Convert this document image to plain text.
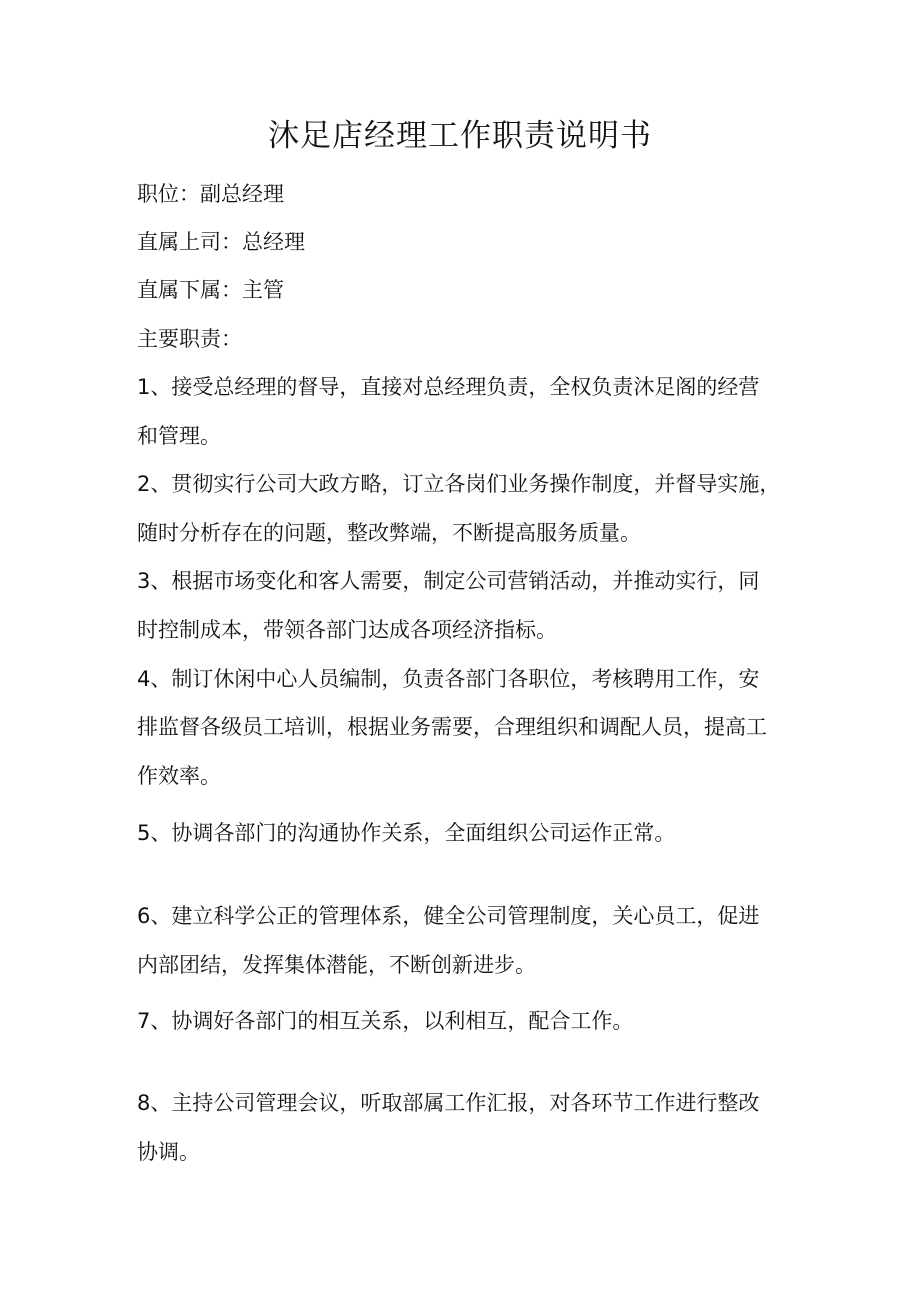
沐足店经理工作职责说明书

职位：副总经理

直属上司：总经理

直属下属：主管

主要职责：

1、接受总经理的督导，直接对总经理负责，全权负责沐足阁的经营

和管理。

2、贯彻实行公司大政方略，订立各岗们业务操作制度，并督导实施，

随时分析存在的问题，整改弊端，不断提高服务质量。

3、根据市场变化和客人需要，制定公司营销活动，并推动实行，同

时控制成本，带领各部门达成各项经济指标。

4、制订休闲中心人员编制，负责各部门各职位，考核聘用工作，安

排监督各级员工培训，根据业务需要，合理组织和调配人员，提高工

作效率。

5、协调各部门的沟通协作关系，全面组织公司运作正常。

6、建立科学公正的管理体系，健全公司管理制度，关心员工，促进

内部团结，发挥集体潜能，不断创新进步。

7、协调好各部门的相互关系，以利相互，配合工作。

8、主持公司管理会议，听取部属工作汇报，对各环节工作进行整改

协调。
